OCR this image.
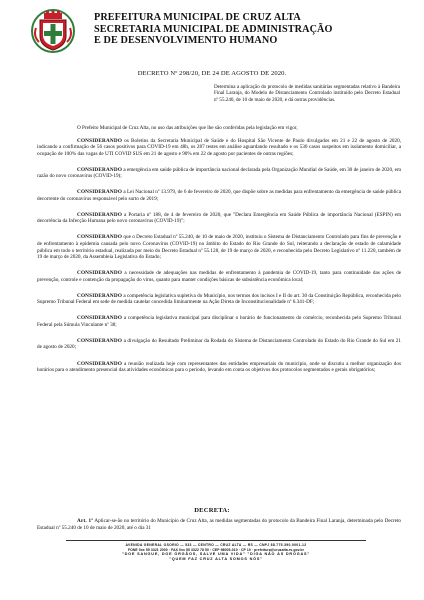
PREFEITURA MUNICIPAL DE CRUZ ALTA
SECRETARIA MUNICIPAL DE ADMINISTRAÇÃO
E DE DESENVOLVIMENTO HUMANO
DECRETO Nº 298/20, DE 24 DE AGOSTO DE 2020.
Determina a aplicação do protocolo de medidas sanitárias segmentadas relativo à Bandeira Final Laranja, do Modelo de Distanciamento Controlado instituído pelo Decreto Estadual nº 55.240, de 10 de maio de 2020, e dá outras providências.

O Prefeito Municipal de Cruz Alta, no uso das atribuições que lhe são conferidas pela legislação em vigor,

CONSIDERANDO os Boletins da Secretaria Municipal de Saúde e do Hospital São Vicente de Paulo divulgados em 21 e 22 de agosto de 2020, indicando a confirmação de 56 casos positivos para COVID-19 em 48h, os 287 testes em análise aguardando resultado e os 530 casos suspeitos em isolamento domiciliar, a ocupação de 100% das vagas de UTI COVID SUS em 21 de agosto e 90% em 22 de agosto por pacientes de outras regiões;

CONSIDERANDO a emergência em saúde pública de importância nacional declarada pela Organização Mundial de Saúde, em 30 de janeiro de 2020, em razão do novo coronavírus (COVID-19);

CONSIDERANDO a Lei Nacional nº 13.979, de 6 de fevereiro de 2020, que dispõe sobre as medidas para enfrentamento da emergência de saúde pública decorrente do coronavírus responsável pelo surto de 2019;

CONSIDERANDO a Portaria nº 188, de 4 de fevereiro de 2020, que "Declara Emergência em Saúde Pública de importância Nacional (ESPIN) em decorrência da Infecção Humana pelo novo coronavírus (COVID-19)";

CONSIDERANDO que o Decreto Estadual nº 55.240, de 10 de maio de 2020, instituiu o Sistema de Distanciamento Controlado para fins de prevenção e de enfrentamento à epidemia causada pelo novo Coronavírus (COVID-19) no âmbito do Estado do Rio Grande do Sul, reiterando a declaração de estado de calamidade pública em todo o território estadual, realizada por meio do Decreto Estadual nº 55.128, de 19 de março de 2020, e reconhecida pelo Decreto Legislativo nº 11.220, também de 19 de março de 2020, da Assembleia Legislativa do Estado;

CONSIDERANDO a necessidade de adequações nas medidas de enfrentamento à pandemia de COVID-19, tanto para continuidade das ações de prevenção, controle e contenção da propagação do vírus, quanto para manter condições básicas de subsistência econômica local;

CONSIDERANDO a competência legislativa supletiva do Município, nos termos dos incisos I e II do art. 30 da Constituição República, reconhecida pelo Supremo Tribunal Federal em sede de medida cautelar concedida liminarmente na Ação Direta de Inconstitucionalidade nº 6.341-DF;

CONSIDERANDO a competência legislativa municipal para disciplinar o horário de funcionamento do comércio, reconhecida pelo Supremo Tribunal Federal pela Súmula Vinculante nº 38;

CONSIDERANDO a divulgação do Resultado Preliminar da Rodada do Sistema de Distanciamento Controlado do Estado do Rio Grande do Sul em 21 de agosto de 2020;

CONSIDERANDO a reunião realizada hoje com representantes das entidades empresariais do município, onde se discutiu a melhor organização dos horários para o atendimento presencial das atividades econômicas para o período, levando em conta os objetivos dos protocolos segmentados e gerais obrigatórios;

DECRETA:
Art. 1º Aplicar-se-ão no território do Município de Cruz Alta, as medidas segmentadas do protocolo da Bandeira Final Laranja, determinada pelo Decreto Estadual nº 55.240 de 10 de maio de 2020, até o dia 31
AVENIDA GENERAL OSORIO — 533 — CENTRO — CRUZ ALTA — RS — CNPJ 88.775.390.0001-12
FONE 0xx 55 3321 2000 · FAX 0xx 55 3322 78 50 · CEP 98005-010 · CP 10 · prefeitura@cruzalta.rs.gov.br
"DOE SANGUE, DOE ÓRGÃOS, SALVE UMA VIDA" "DIGA NÃO ÀS DROGAS"
"QUEM FAZ CRUZ ALTA SOMOS NÓS"
